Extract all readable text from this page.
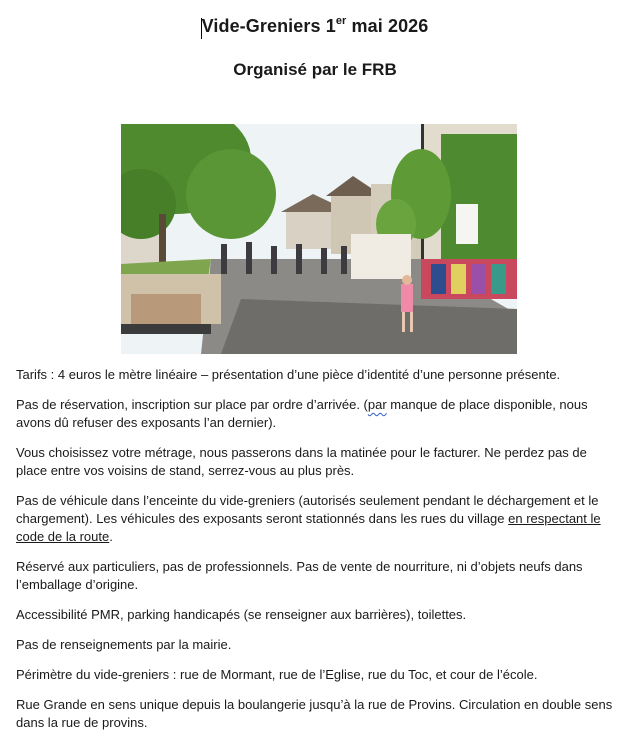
Vide-Greniers 1er mai 2026
Organisé par le FRB

Tarifs : 4 euros le mètre linéaire – présentation d’une pièce d’identité d’une personne présente.

Pas de réservation, inscription sur place par ordre d’arrivée. (par manque de place disponible, nous avons dû refuser des exposants l’an dernier).

Vous choisissez votre métrage, nous passerons dans la matinée pour le facturer. Ne perdez pas de place entre vos voisins de stand, serrez-vous au plus près.

Pas de véhicule dans l’enceinte du vide-greniers (autorisés seulement pendant le déchargement et le chargement). Les véhicules des exposants seront stationnés dans les rues du village en respectant le code de la route.

Réservé aux particuliers, pas de professionnels. Pas de vente de nourriture, ni d’objets neufs dans l’emballage d’origine.

Accessibilité PMR, parking handicapés (se renseigner aux barrières), toilettes.

Pas de renseignements par la mairie.

Périmètre du vide-greniers : rue de Mormant, rue de l’Eglise, rue du Toc, et cour de l’école.

Rue Grande en sens unique depuis la boulangerie jusqu’à la rue de Provins. Circulation en double sens dans la rue de provins.
